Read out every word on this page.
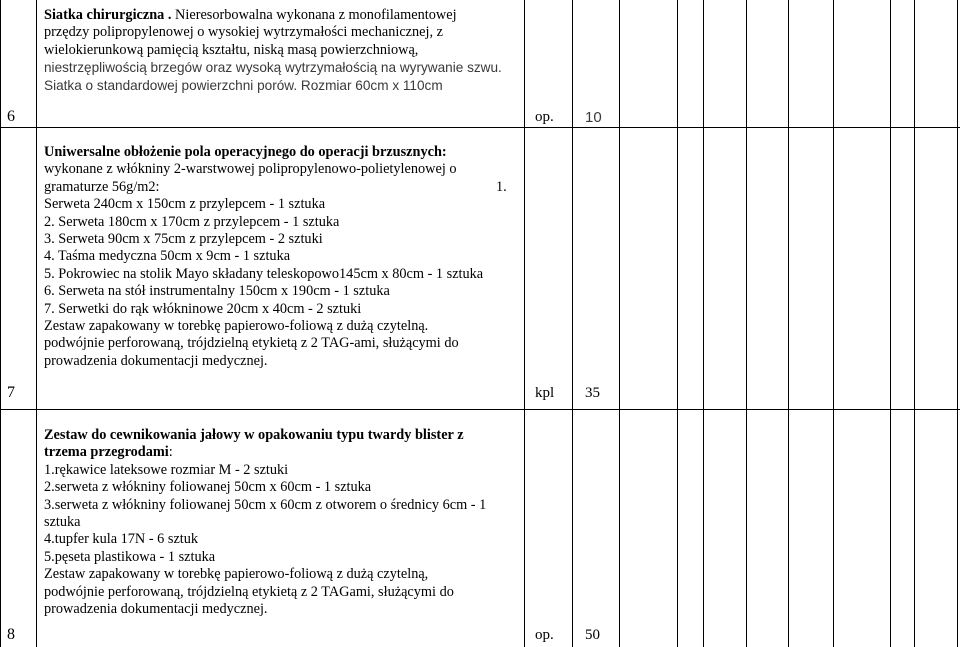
6
Siatka chirurgiczna . Nieresorbowalna wykonana z monofilamentowej
przędzy polipropylenowej o wysokiej wytrzymałości mechanicznej, z
wielokierunkową pamięcią kształtu, niską masą powierzchniową,
niestrzępliwością brzegów oraz wysoką wytrzymałością na wyrywanie szwu.
Siatka o standardowej powierzchni porów. Rozmiar 60cm x 110cm
op. 10
7
Uniwersalne obłożenie pola operacyjnego do operacji brzusznych:
wykonane z włókniny 2-warstwowej polipropylenowo-polietylenowej o
gramaturze 56g/m2:	1.
Serweta 240cm x 150cm z przylepcem - 1 sztuka
2. Serweta 180cm x 170cm z przylepcem - 1 sztuka
3. Serweta 90cm x 75cm z przylepcem - 2 sztuki
4. Taśma medyczna 50cm x 9cm - 1 sztuka
5. Pokrowiec na stolik Mayo składany teleskopowo145cm x 80cm - 1 sztuka
6. Serweta na stół instrumentalny 150cm x 190cm - 1 sztuka
7. Serwetki do rąk włókninowe 20cm x 40cm - 2 sztuki
Zestaw zapakowany w torebkę papierowo-foliową z dużą czytelną.
podwójnie perforowaną, trójdzielną etykietą z 2 TAG-ami, służącymi do
prowadzenia dokumentacji medycznej.
kpl 35
8
Zestaw do cewnikowania jałowy w opakowaniu typu twardy blister z
trzema przegrodami:
1.rękawice lateksowe rozmiar M - 2 sztuki
2.serweta z włókniny foliowanej 50cm x 60cm - 1 sztuka
3.serweta z włókniny foliowanej 50cm x 60cm z otworem o średnicy 6cm - 1
sztuka
4.tupfer kula 17N - 6 sztuk
5.pęseta plastikowa - 1 sztuka
Zestaw zapakowany w torebkę papierowo-foliową z dużą czytelną,
podwójnie perforowaną, trójdzielną etykietą z 2 TAGami, służącymi do
prowadzenia dokumentacji medycznej.
op. 50
